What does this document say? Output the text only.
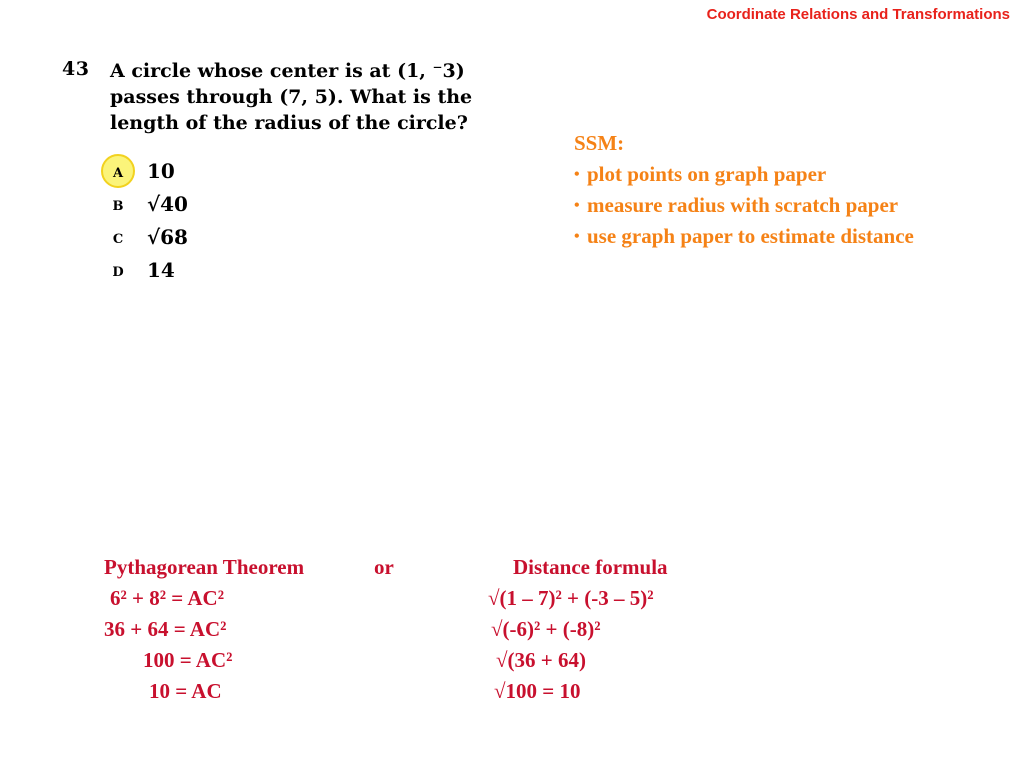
Coordinate Relations and Transformations
43 A circle whose center is at (1, ⁻3)
passes through (7, 5). What is the
length of the radius of the circle?
A 10
B √40
C √68
D 14
SSM:
• plot points on graph paper
• measure radius with scratch paper
• use graph paper to estimate distance
Pythagorean Theorem	or	Distance formula
6² + 8² = AC²
36 + 64 = AC²
100 = AC²
10 = AC
√(1 – 7)² + (-3 – 5)²
√(-6)² + (-8)²
√(36 + 64)
√100 = 10
